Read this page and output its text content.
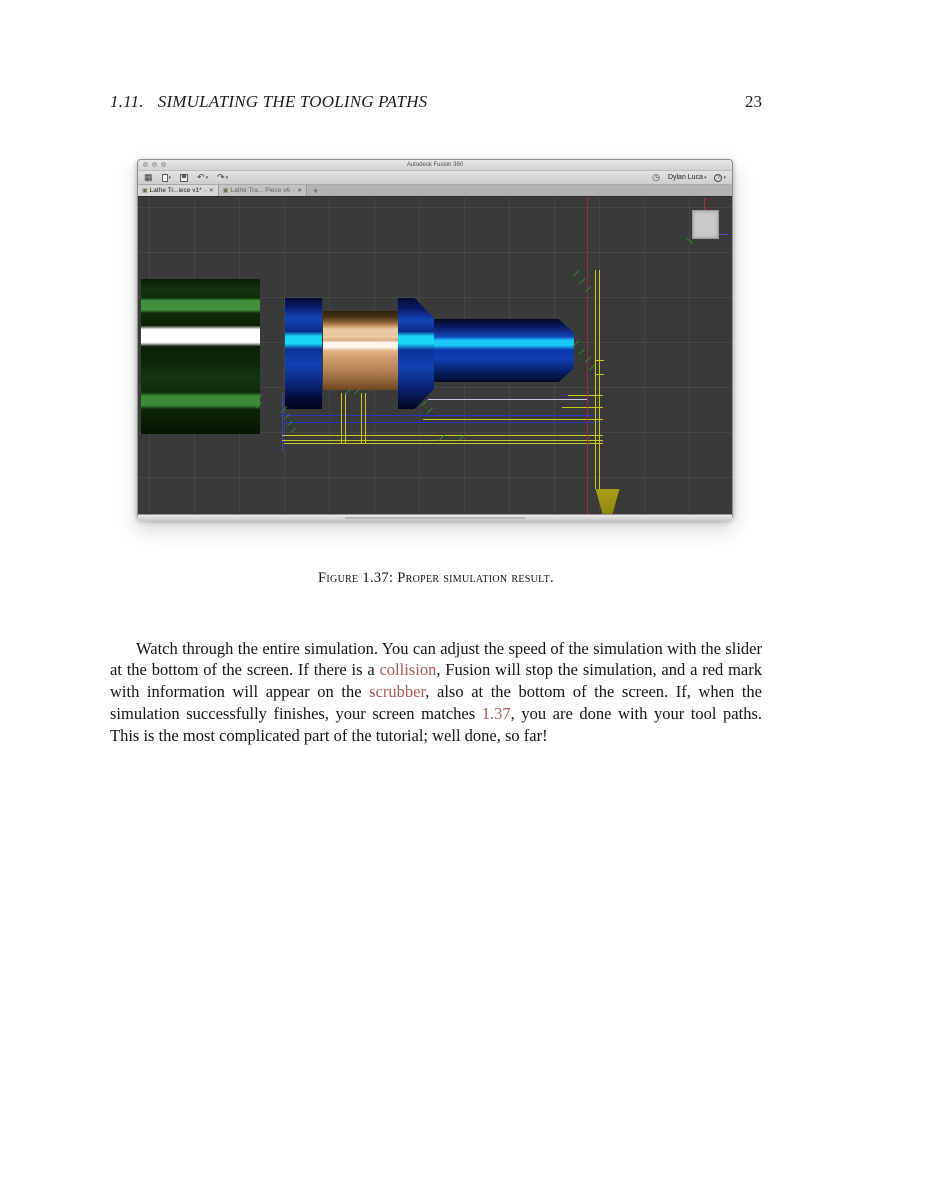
1.11. SIMULATING THE TOOLING PATHS	23
Autodesk Fusion 360
▦	▾	↶ ▾ ↷ ▾	◷ Dylan Luca ▾	? ▾
▣ Lathe Tr...iece v1* ○ ✕ ▣ Lathe Tra... Piece v6 ○ ✕	+
Figure 1.37: Proper simulation result.

Watch through the entire simulation. You can adjust the speed of the simulation with the slider at the bottom of the screen. If there is a collision, Fusion will stop the simulation, and a red mark with information will appear on the scrubber, also at the bottom of the screen. If, when the simulation successfully finishes, your screen matches 1.37, you are done with your tool paths. This is the most complicated part of the tutorial; well done, so far!
